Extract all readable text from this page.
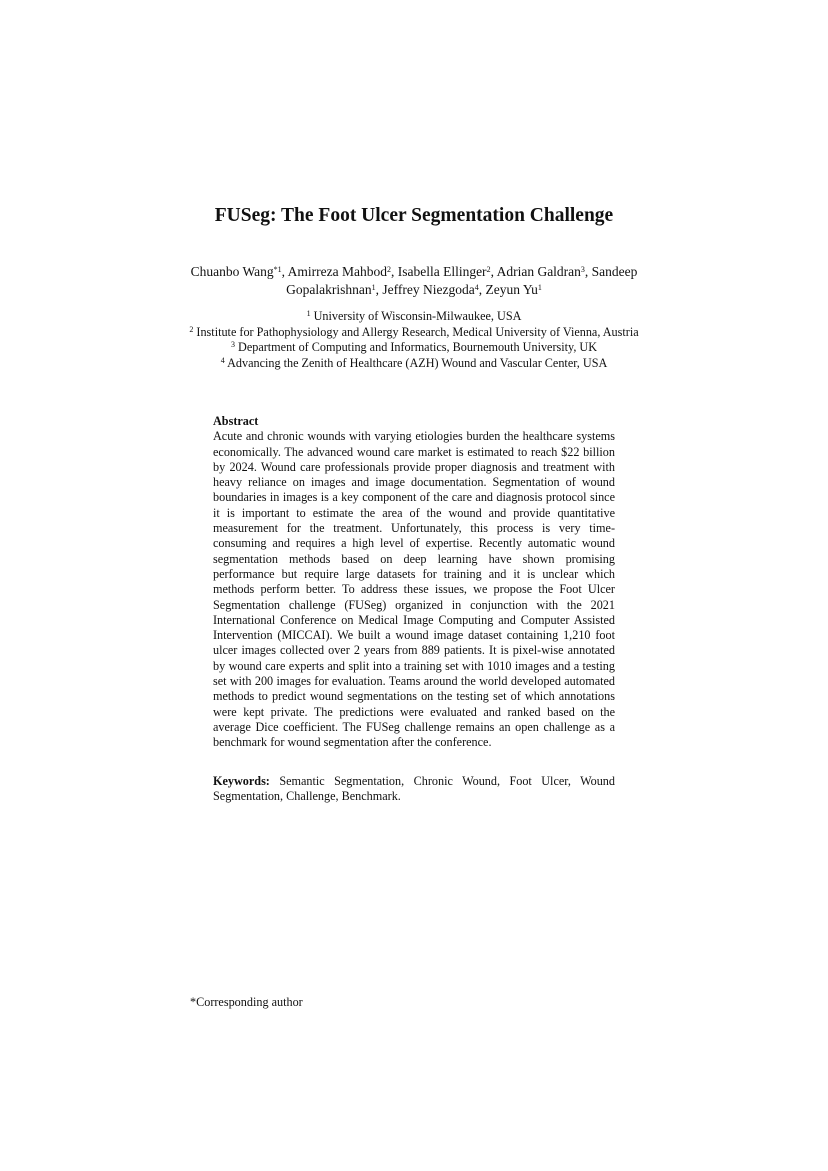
FUSeg: The Foot Ulcer Segmentation Challenge
Chuanbo Wang$^{*1}$, Amirreza Mahbod$^2$, Isabella Ellinger$^2$, Adrian Galdran$^3$, Sandeep Gopalakrishnan$^1$, Jeffrey Niezgoda$^4$, Zeyun Yu$^1$
$^1$ University of Wisconsin-Milwaukee, USA
$^2$ Institute for Pathophysiology and Allergy Research, Medical University of Vienna, Austria
$^3$ Department of Computing and Informatics, Bournemouth University, UK
$^4$ Advancing the Zenith of Healthcare (AZH) Wound and Vascular Center, USA
Abstract
Acute and chronic wounds with varying etiologies burden the healthcare systems economically. The advanced wound care market is estimated to reach $22 billion by 2024. Wound care professionals provide proper diagnosis and treatment with heavy reliance on images and image documentation. Segmentation of wound boundaries in images is a key component of the care and diagnosis protocol since it is important to estimate the area of the wound and provide quantitative measurement for the treatment. Unfortunately, this process is very time-consuming and requires a high level of expertise. Recently automatic wound segmentation methods based on deep learning have shown promising performance but require large datasets for training and it is unclear which methods perform better. To address these issues, we propose the Foot Ulcer Segmentation challenge (FUSeg) organized in conjunction with the 2021 International Conference on Medical Image Computing and Computer Assisted Intervention (MICCAI). We built a wound image dataset containing 1,210 foot ulcer images collected over 2 years from 889 patients. It is pixel-wise annotated by wound care experts and split into a training set with 1010 images and a testing set with 200 images for evaluation. Teams around the world developed automated methods to predict wound segmentations on the testing set of which annotations were kept private. The predictions were evaluated and ranked based on the average Dice coefficient. The FUSeg challenge remains an open challenge as a benchmark for wound segmentation after the conference.
Keywords: Semantic Segmentation, Chronic Wound, Foot Ulcer, Wound Segmentation, Challenge, Benchmark.
*Corresponding author
